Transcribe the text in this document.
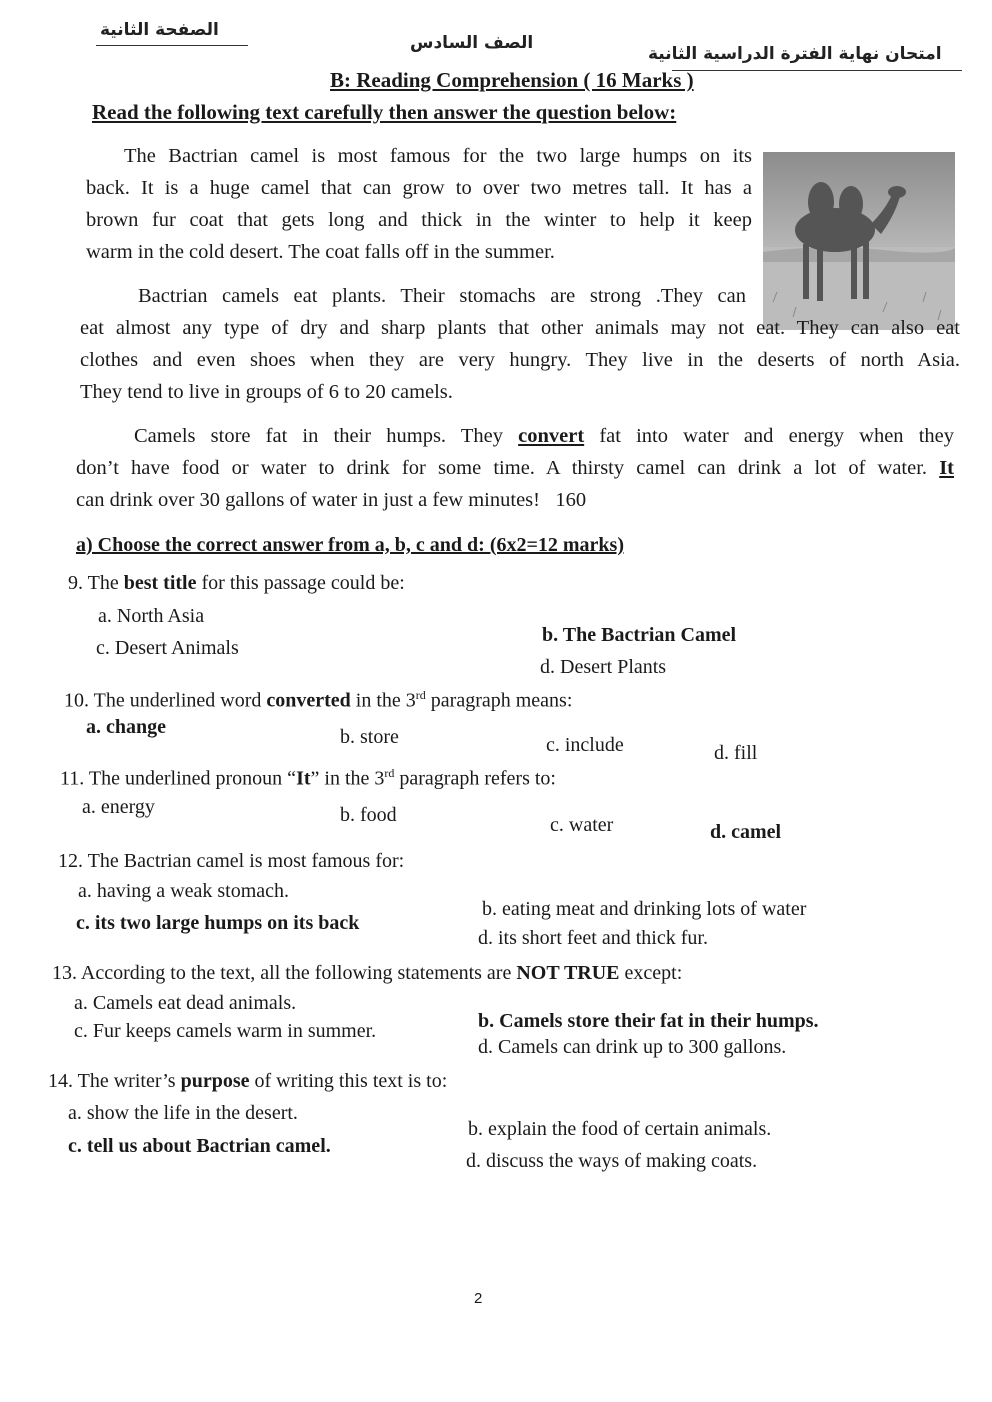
الصفحة الثانية
الصف السادس
امتحان نهاية الفترة الدراسية الثانية
B: Reading Comprehension ( 16 Marks )
Read the following text carefully then answer the question below:
The Bactrian camel is most famous for the two large humps on its
back. It is a huge camel that can grow to over two metres tall. It has a
brown fur coat that gets long and thick in the winter to help it keep
warm in the cold desert. The coat falls off in the summer.
Bactrian camels eat plants. Their stomachs are strong .They can
eat almost any type of dry and sharp plants that other animals may not eat. They can also eat
clothes and even shoes when they are very hungry. They live in the deserts of north Asia.
They tend to live in groups of 6 to 20 camels.
Camels store fat in their humps. They convert fat into water and energy when they
don’t have food or water to drink for some time. A thirsty camel can drink a lot of water. It
can drink over 30 gallons of water in just a few minutes! 160
a) Choose the correct answer from a, b, c and d: (6x2=12 marks)
9. The best title for this passage could be:
a. North Asia
b. The Bactrian Camel
c. Desert Animals
d. Desert Plants
10. The underlined word converted in the 3rd paragraph means:
a. change	b. store	c. include	d. fill
11. The underlined pronoun “It” in the 3rd paragraph refers to:
a. energy	b. food	c. water	d. camel
12. The Bactrian camel is most famous for:
a. having a weak stomach.
b. eating meat and drinking lots of water
c. its two large humps on its back
d. its short feet and thick fur.
13. According to the text, all the following statements are NOT TRUE except:
a. Camels eat dead animals.
b. Camels store their fat in their humps.
c. Fur keeps camels warm in summer.
d. Camels can drink up to 300 gallons.
14. The writer’s purpose of writing this text is to:
a. show the life in the desert.
b. explain the food of certain animals.
c. tell us about Bactrian camel.
d. discuss the ways of making coats.
2
